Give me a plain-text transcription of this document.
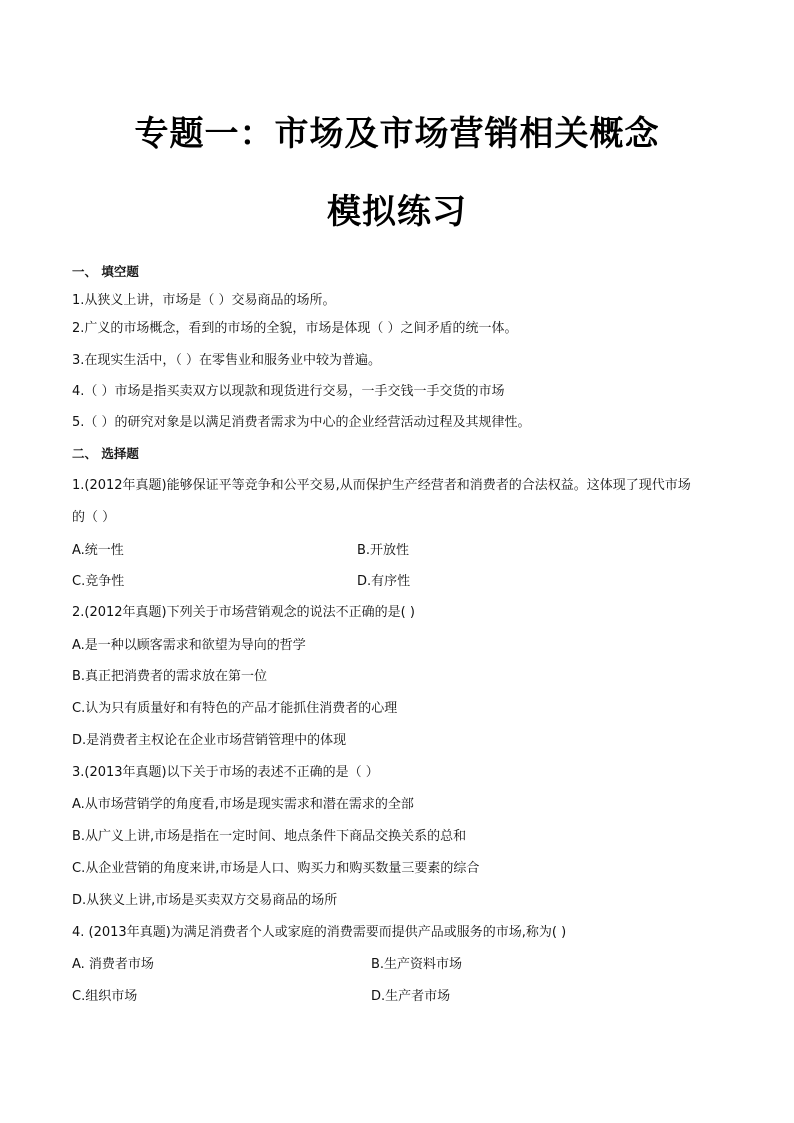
专题一：市场及市场营销相关概念
模拟练习
一、 填空题
1.从狭义上讲，市场是（ ）交易商品的场所。
2.广义的市场概念，看到的市场的全貌，市场是体现（ ）之间矛盾的统一体。
3.在现实生活中，（ ）在零售业和服务业中较为普遍。
4.（ ）市场是指买卖双方以现款和现货进行交易，一手交钱一手交货的市场
5.（ ）的研究对象是以满足消费者需求为中心的企业经营活动过程及其规律性。
二、 选择题
1.(2012年真题)能够保证平等竞争和公平交易,从而保护生产经营者和消费者的合法权益。这体现了现代市场
的（ ）
A.统一性	B.开放性
C.竞争性	D.有序性
2.(2012年真题)下列关于市场营销观念的说法不正确的是( )
A.是一种以顾客需求和欲望为导向的哲学
B.真正把消费者的需求放在第一位
C.认为只有质量好和有特色的产品才能抓住消费者的心理
D.是消费者主权论在企业市场营销管理中的体现
3.(2013年真题)以下关于市场的表述不正确的是（ ）
A.从市场营销学的角度看,市场是现实需求和潜在需求的全部
B.从广义上讲,市场是指在一定时间、地点条件下商品交换关系的总和
C.从企业营销的角度来讲,市场是人口、购买力和购买数量三要素的综合
D.从狭义上讲,市场是买卖双方交易商品的场所
4. (2013年真题)为满足消费者个人或家庭的消费需要而提供产品或服务的市场,称为( )
A. 消费者市场	B.生产资料市场
C.组织市场	D.生产者市场
